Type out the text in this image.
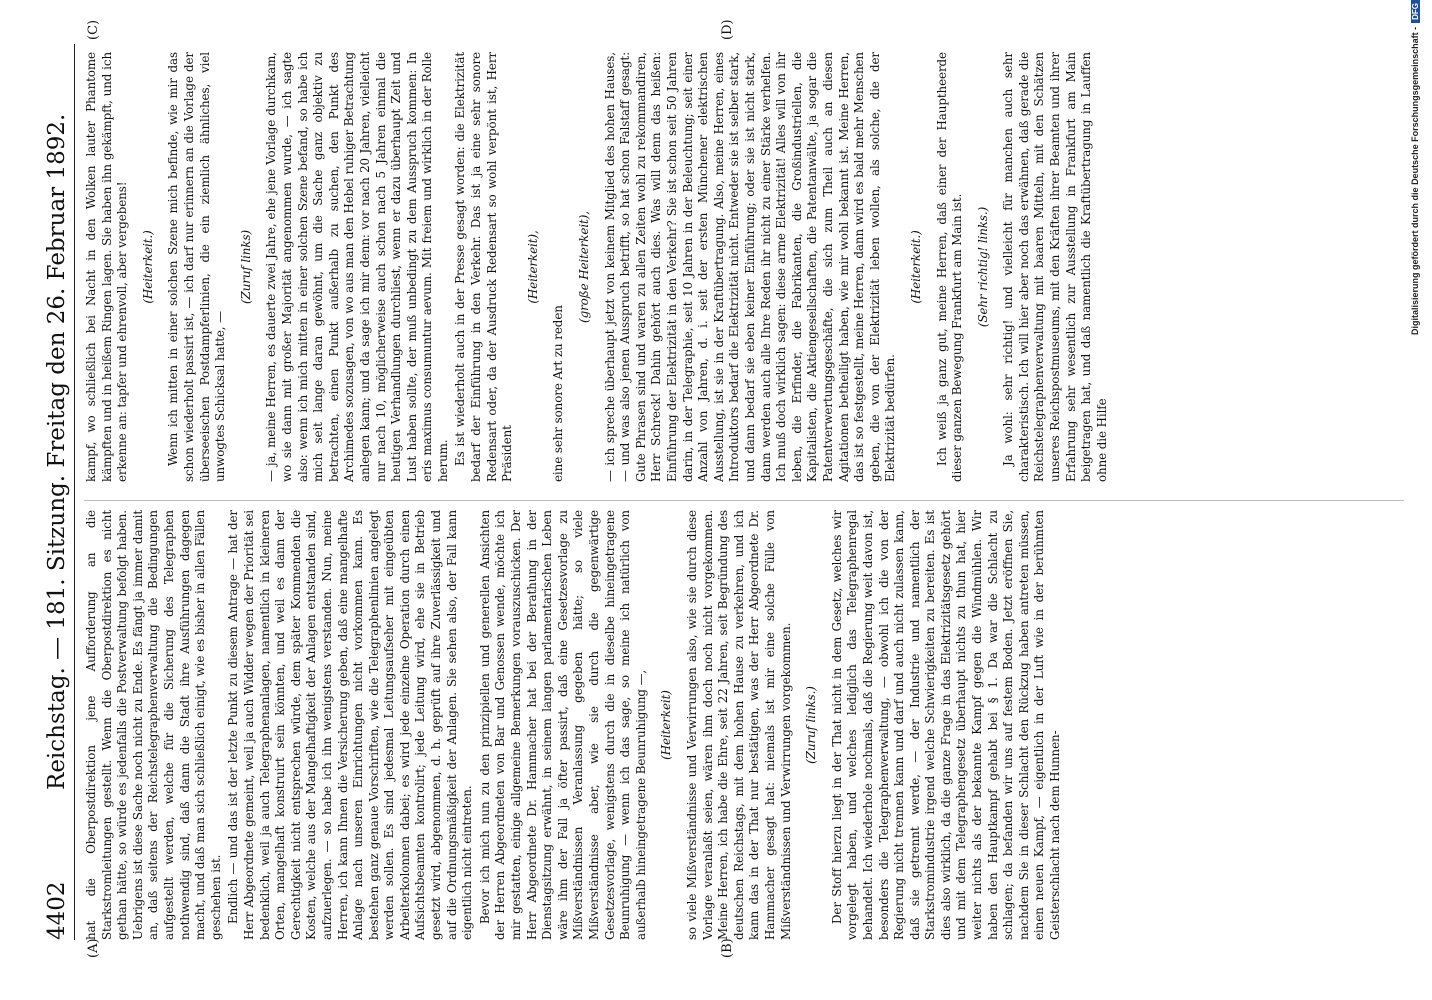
4402
Reichstag. — 181. Sitzung. Freitag den 26. Februar 1892.
(A)	(B)
(C)	(D)

hat die Oberpostdirektion jene Aufforderung an die Starkstromleitungen gestellt. Wenn die Oberpostdirektion es nicht gethan hätte, so würde es jedenfalls die Postverwaltung befolgt haben. Uebrigens ist diese Sache noch nicht zu Ende. Es fängt ja immer damit an, daß seitens der Reichstelegraphenverwaltung die Bedingungen aufgestellt werden, welche für die Sicherung des Telegraphen nothwendig sind, daß dann die Stadt ihre Ausführungen dagegen macht, und daß man sich schließlich einigt, wie es bisher in allen Fällen geschehen ist. Endlich — und das ist der letzte Punkt zu diesem Antrage — hat der Herr Abgeordnete gemeint, weil ja auch Widder wegen der Priorität sei bedenklich, weil ja auch Telegraphenanlagen, namentlich in kleineren Orten, mangelhaft konstruirt sein könnten, und weil es dann der Gerechtigkeit nicht entsprechen würde, dem später Kommenden die Kosten, welche aus der Mangelhaftigkeit der Anlagen entstanden sind, aufzuerlegen. — so habe ich ihn wenigstens verstanden. Nun, meine Herren, ich kann Ihnen die Versicherung geben, daß eine mangelhafte Anlage nach unseren Einrichtungen nicht vorkommen kann. Es bestehen ganz genaue Vorschriften, wie die Telegraphenlinien angelegt werden sollen. Es sind jedesmal Leitungsaufseher mit eingeübten Arbeiterkolonnen dabei; es wird jede einzelne Operation durch einen Aufsichtsbeamten kontrolirt; jede Leitung wird, ehe sie in Betrieb gesetzt wird, abgenommen, d. h. geprüft auf ihre Zuverlässigkeit und auf die Ordnungsmäßigkeit der Anlagen. Sie sehen also, der Fall kann eigentlich nicht eintreten. Bevor ich mich nun zu den prinzipiellen und generellen Ansichten der Herren Abgeordneten von Bar und Genossen wende, möchte ich mir gestatten, einige allgemeine Bemerkungen vorauszuschicken. Der Herr Abgeordnete Dr. Hammacher hat bei der Berathung in der Dienstagsitzung erwähnt, in seinem langen parlamentarischen Leben wäre ihm der Fall ja öfter passirt, daß eine Gesetzesvorlage zu Mißverständnissen Veranlassung gegeben hätte; so viele Mißverständnisse aber, wie sie durch die gegenwärtige Gesetzesvorlage, wenigstens durch die in dieselbe hineingetragene Beunruhigung — wenn ich das sage, so meine ich natürlich von außerhalb hineingetragene Beunruhigung —, (Heiterkeit) so viele Mißverständnisse und Verwirrungen also, wie sie durch diese Vorlage veranlaßt seien, wären ihm doch noch nicht vorgekommen. Meine Herren, ich habe die Ehre, seit 22 Jahren, seit Begründung des deutschen Reichstags, mit dem hohen Hause zu verkehren, und ich kann das in der That nur bestätigen, was der Herr Abgeordnete Dr. Hammacher gesagt hat: niemals ist mir eine solche Fülle von Mißverständnissen und Verwirrungen vorgekommen. (Zuruf links.) Der Stoff hierzu liegt in der That nicht in dem Gesetz, welches wir vorgelegt haben, und welches lediglich das Telegraphenregal behandelt. Ich wiederhole nochmals, daß die Regierung weit davon ist, besonders die Telegraphenverwaltung, — obwohl ich die von der Regierung nicht trennen kann und darf und auch nicht zulassen kann, daß sie getrennt werde, — der Industrie und namentlich der Starkstromindustrie irgend welche Schwierigkeiten zu bereiten. Es ist dies also wirklich, da die ganze Frage in das Elektrizitätsgesetz gehört und mit dem Telegraphengesetz überhaupt nichts zu thun hat, hier weiter nichts als der bekannte Kampf gegen die Windmühlen. Wir haben den Hauptkampf gehabt bei § 1. Da war die Schlacht zu schlagen; da befanden wir uns auf festem Boden. Jetzt eröffnen Sie, nachdem Sie in dieser Schlacht den Rückzug haben antreten müssen, einen neuen Kampf, — eigentlich in der Luft wie in der berühmten Geisterschlacht nach dem Hunnen-

kampf, wo schließlich bei Nacht in den Wolken lauter Phantome kämpften und in heißem Ringen lagen. Sie haben ihn gekämpft, und ich erkenne an: tapfer und ehrenvoll, aber vergebens! (Heiterkeit.) Wenn ich mitten in einer solchen Szene mich befinde, wie mir das schon wiederholt passirt ist, — ich darf nur erinnern an die Vorlage der überseeischen Postdampferlinien, die ein ziemlich ähnliches, viel unwogtes Schicksal hatte, —

(Zuruf links) — ja, meine Herren, es dauerte zwei Jahre, ehe jene Vorlage durchkam, wo sie dann mit großer Majorität angenommen wurde, — ich sagte also: wenn ich mich mitten in einer solchen Szene befand, so habe ich mich seit lange daran gewöhnt, um die Sache ganz objektiv zu betrachten, einen Punkt außerhalb zu suchen, den Punkt des Archimedes sozusagen, von wo aus man den Hebel ruhiger Betrachtung anlegen kann; und da sage ich mir denn: vor nach 20 Jahren, vielleicht nur nach 10, möglicherweise auch schon nach 5 Jahren einmal die heutigen Verhandlungen durchliest, wenn er dazu überhaupt Zeit und Lust haben sollte, der muß unbedingt zu dem Ausspruch kommen: In eris maximus consumuntur aevum. Mit freiem und wirklich in der Rolle herum. Es ist wiederholt auch in der Presse gesagt worden: die Elektrizität bedarf der Einführung in den Verkehr. Das ist ja eine sehr sonore Redensart oder, da der Ausdruck Redensart so wohl verpönt ist, Herr Präsident

(Heiterkeit),

eine sehr sonore Art zu reden

(große Heiterkeit), — ich spreche überhaupt jetzt von keinem Mitglied des hohen Hauses, — und was also jenen Ausspruch betrifft, so hat schon Falstaff gesagt: Gute Phrasen sind und waren zu allen Zeiten wohl zu rekommandiren, Herr Schreck! Dahin gehört auch dies. Was will denn das heißen: Einführung der Elektrizität in den Verkehr? Sie ist schon seit 50 Jahren darin, in der Telegraphie, seit 10 Jahren in der Beleuchtung; seit einer Anzahl von Jahren, d. i. seit der ersten Münchener elektrischen Ausstellung, ist sie in der Kraftübertragung. Also, meine Herren, eines Introduktors bedarf die Elektrizität nicht. Entweder sie ist selber stark, und dann bedarf sie eben keiner Einführung; oder sie ist nicht stark, dann werden auch alle Ihre Reden ihr nicht zu einer Stärke verhelfen. Ich muß doch wirklich sagen: diese arme Elektrizität! Alles will von ihr leben, die Erfinder, die Fabrikanten, die Großindustriellen, die Kapitalisten, die Aktiengesellschaften, die Patentanwälte, ja sogar die Patentverwertungsgeschäfte, die sich zum Theil auch an diesen Agitationen betheiligt haben, wie mir wohl bekannt ist. Meine Herren, das ist so festgestellt, meine Herren, dann wird es bald mehr Menschen geben, die von der Elektrizität leben wollen, als solche, die der Elektrizität bedürfen.

(Heiterkeit.) Ich weiß ja ganz gut, meine Herren, daß einer der Hauptheerde dieser ganzen Bewegung Frankfurt am Main ist. (Sehr richtig! links.) Ja wohl: sehr richtig! und vielleicht für manchen auch sehr charakteristisch. Ich will hier aber noch das erwähnen, daß gerade die Reichstelegraphenverwaltung mit baaren Mitteln, mit den Schätzen unseres Reichspostmuseums, mit den Kräften ihrer Beamten und ihrer Erfahrung sehr wesentlich zur Ausstellung in Frankfurt am Main beigetragen hat, und daß namentlich die Kraftübertragung in Lauffen ohne die Hilfe

Digitalisierung gefördert durch die Deutsche Forschungsgemeinschaft -DFG
